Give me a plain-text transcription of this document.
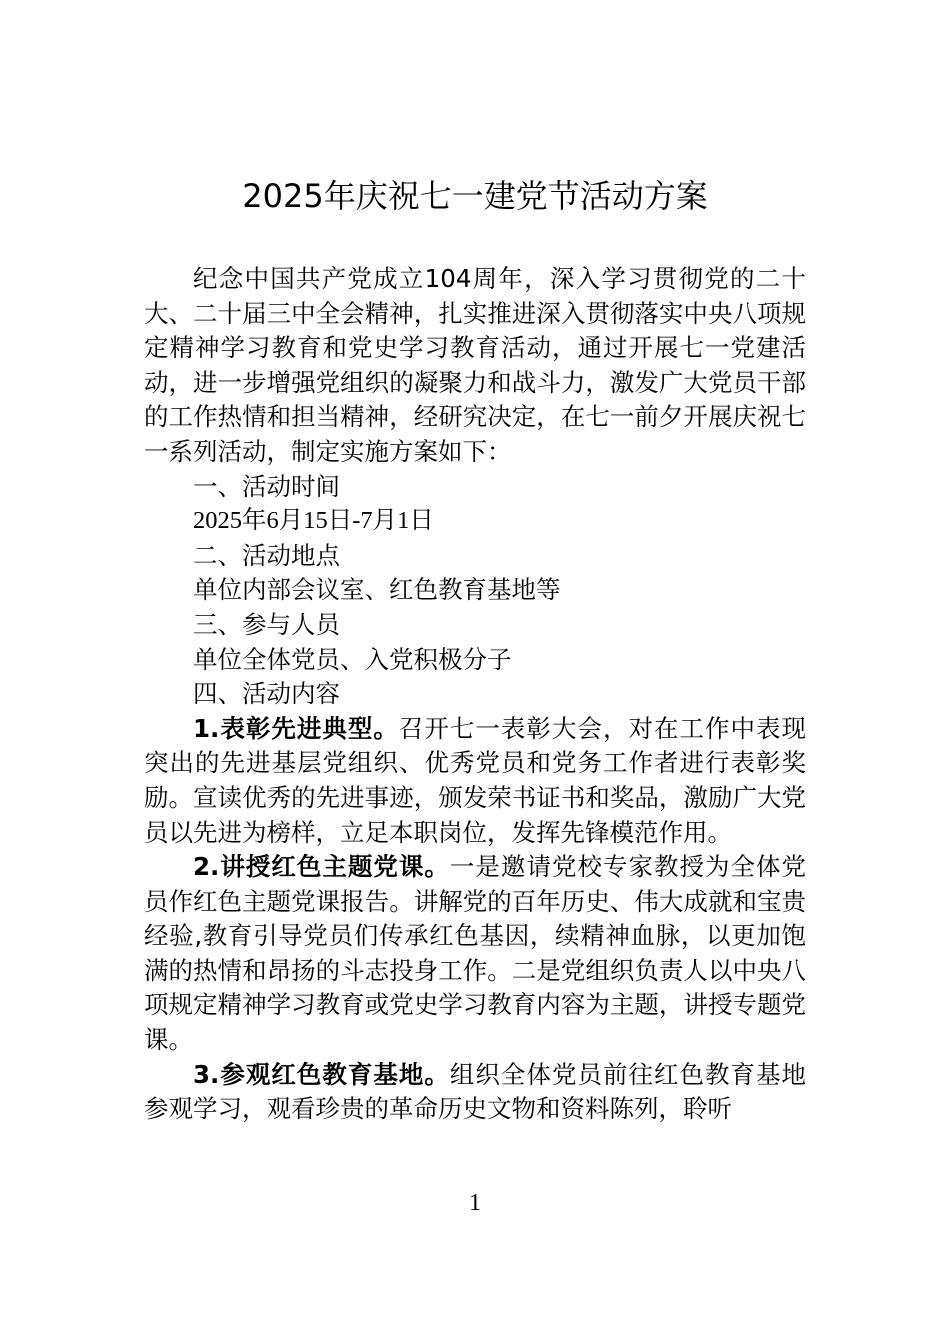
2025年庆祝七一建党节活动方案

纪念中国共产党成立104周年，深入学习贯彻党的二十大、二十届三中全会精神，扎实推进深入贯彻落实中央八项规定精神学习教育和党史学习教育活动，通过开展七一党建活动，进一步增强党组织的凝聚力和战斗力，激发广大党员干部的工作热情和担当精神，经研究决定，在七一前夕开展庆祝七一系列活动，制定实施方案如下：

一、活动时间

2025年6月15日-7月1日

二、活动地点

单位内部会议室、红色教育基地等

三、参与人员

单位全体党员、入党积极分子

四、活动内容

1.表彰先进典型。召开七一表彰大会，对在工作中表现突出的先进基层党组织、优秀党员和党务工作者进行表彰奖励。宣读优秀的先进事迹，颁发荣书证书和奖品，激励广大党员以先进为榜样，立足本职岗位，发挥先锋模范作用。

2.讲授红色主题党课。一是邀请党校专家教授为全体党员作红色主题党课报告。讲解党的百年历史、伟大成就和宝贵经验,教育引导党员们传承红色基因，续精神血脉，以更加饱满的热情和昂扬的斗志投身工作。二是党组织负责人以中央八项规定精神学习教育或党史学习教育内容为主题，讲授专题党课。

3.参观红色教育基地。组织全体党员前往红色教育基地参观学习，观看珍贵的革命历史文物和资料陈列，聆听

1
